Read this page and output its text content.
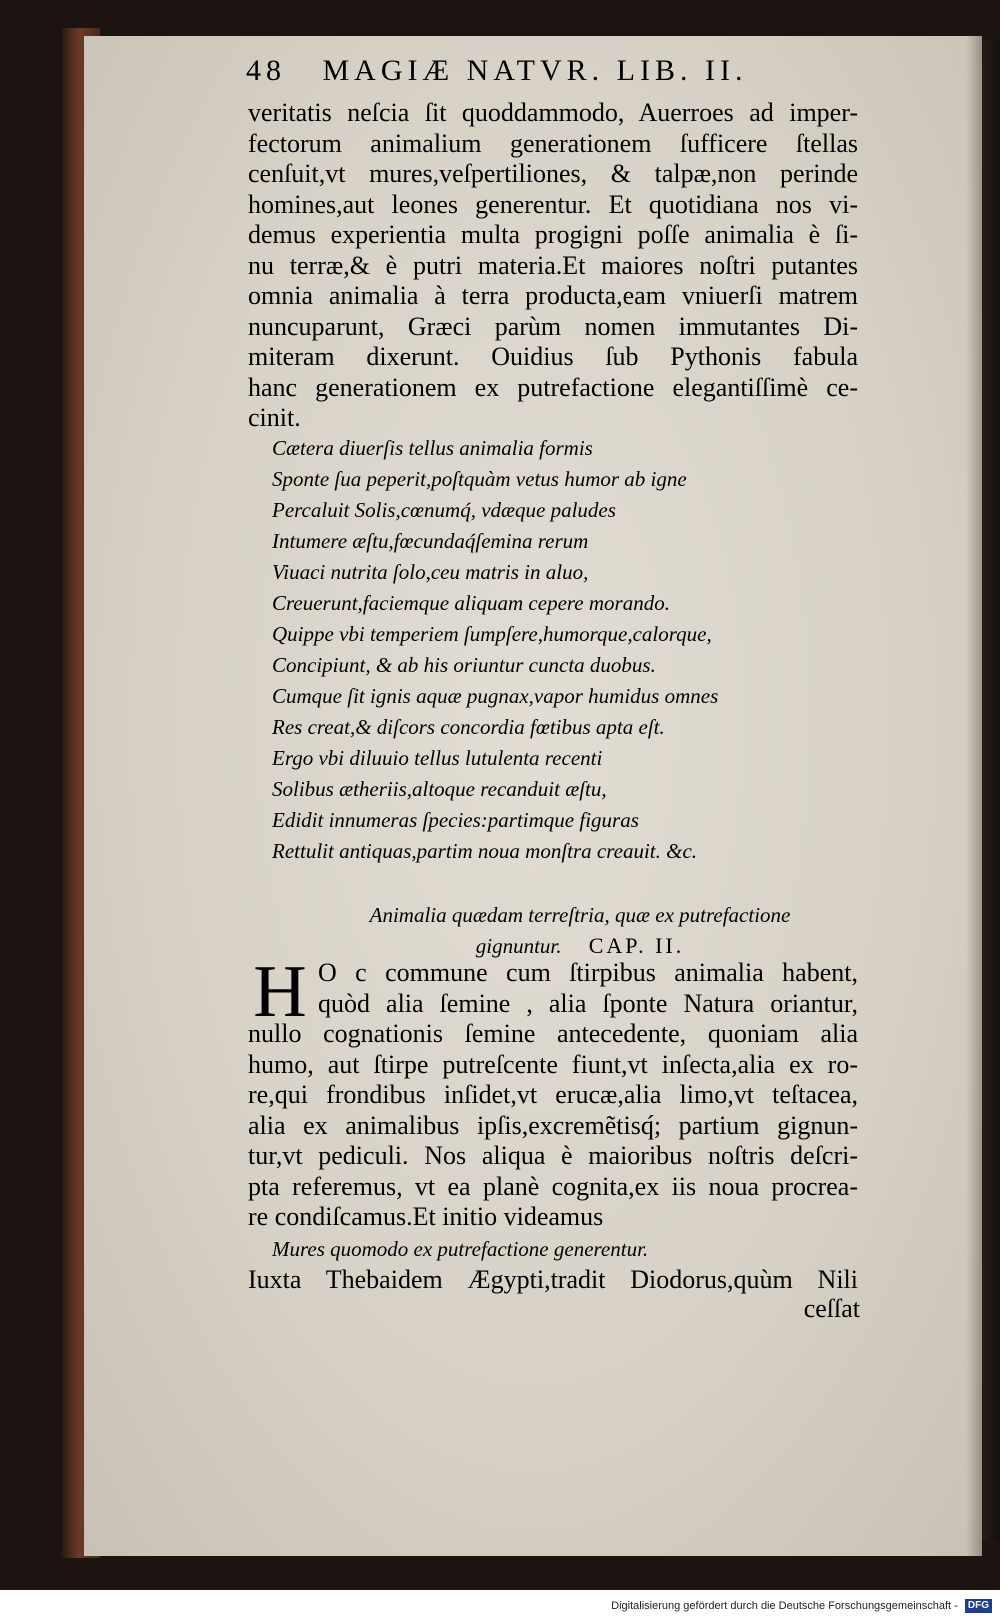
48 MAGIÆ NATVR. LIB. II.
veritatis neſcia ſit quoddammodo, Auerroes ad imper-
fectorum animalium generationem ſufficere ſtellas
cenſuit,vt mures,veſpertiliones, & talpæ,non perinde
homines,aut leones generentur. Et quotidiana nos vi-
demus experientia multa progigni poſſe animalia è ſi-
nu terræ,& è putri materia.Et maiores noſtri putantes
omnia animalia à terra producta,eam vniuerſi matrem
nuncuparunt, Græci parùm nomen immutantes Di-
miteram dixerunt. Ouidius ſub Pythonis fabula
hanc generationem ex putrefactione elegantiſſimè ce-
cinit.
Cætera diuerſis tellus animalia formis
Sponte ſua peperit,poſtquàm vetus humor ab igne
Percaluit Solis,cœnumq́, vdæque paludes
Intumere æſtu,fœcundaq́ſemina rerum
Viuaci nutrita ſolo,ceu matris in aluo,
Creuerunt,faciemque aliquam cepere morando.
Quippe vbi temperiem ſumpſere,humorque,calorque,
Concipiunt, & ab his oriuntur cuncta duobus.
Cumque ſit ignis aquæ pugnax,vapor humidus omnes
Res creat,& diſcors concordia fœtibus apta eſt.
Ergo vbi diluuio tellus lutulenta recenti
Solibus ætheriis,altoque recanduit æſtu,
Edidit innumeras ſpecies:partimque figuras
Rettulit antiquas,partim noua monſtra creauit. &c.
Animalia quædam terreſtria, quæ ex putrefactione
gignuntur. CAP. II.
H O c commune cum ſtirpibus animalia habent,
quòd alia ſemine , alia ſponte Natura oriantur,
nullo cognationis ſemine antecedente, quoniam alia
humo, aut ſtirpe putreſcente fiunt,vt inſecta,alia ex ro-
re,qui frondibus inſidet,vt erucæ,alia limo,vt teſtacea,
alia ex animalibus ipſis,excremẽtisq́; partium gignun-
tur,vt pediculi. Nos aliqua è maioribus noſtris deſcri-
pta referemus, vt ea planè cognita,ex iis noua procrea-
re condiſcamus.Et initio videamus
Mures quomodo ex putrefactione generentur.
Iuxta Thebaidem Ægypti,tradit Diodorus,quùm Nili
ceſſat
Digitalisierung gefördert durch die Deutsche Forschungsgemeinschaft - DFG
